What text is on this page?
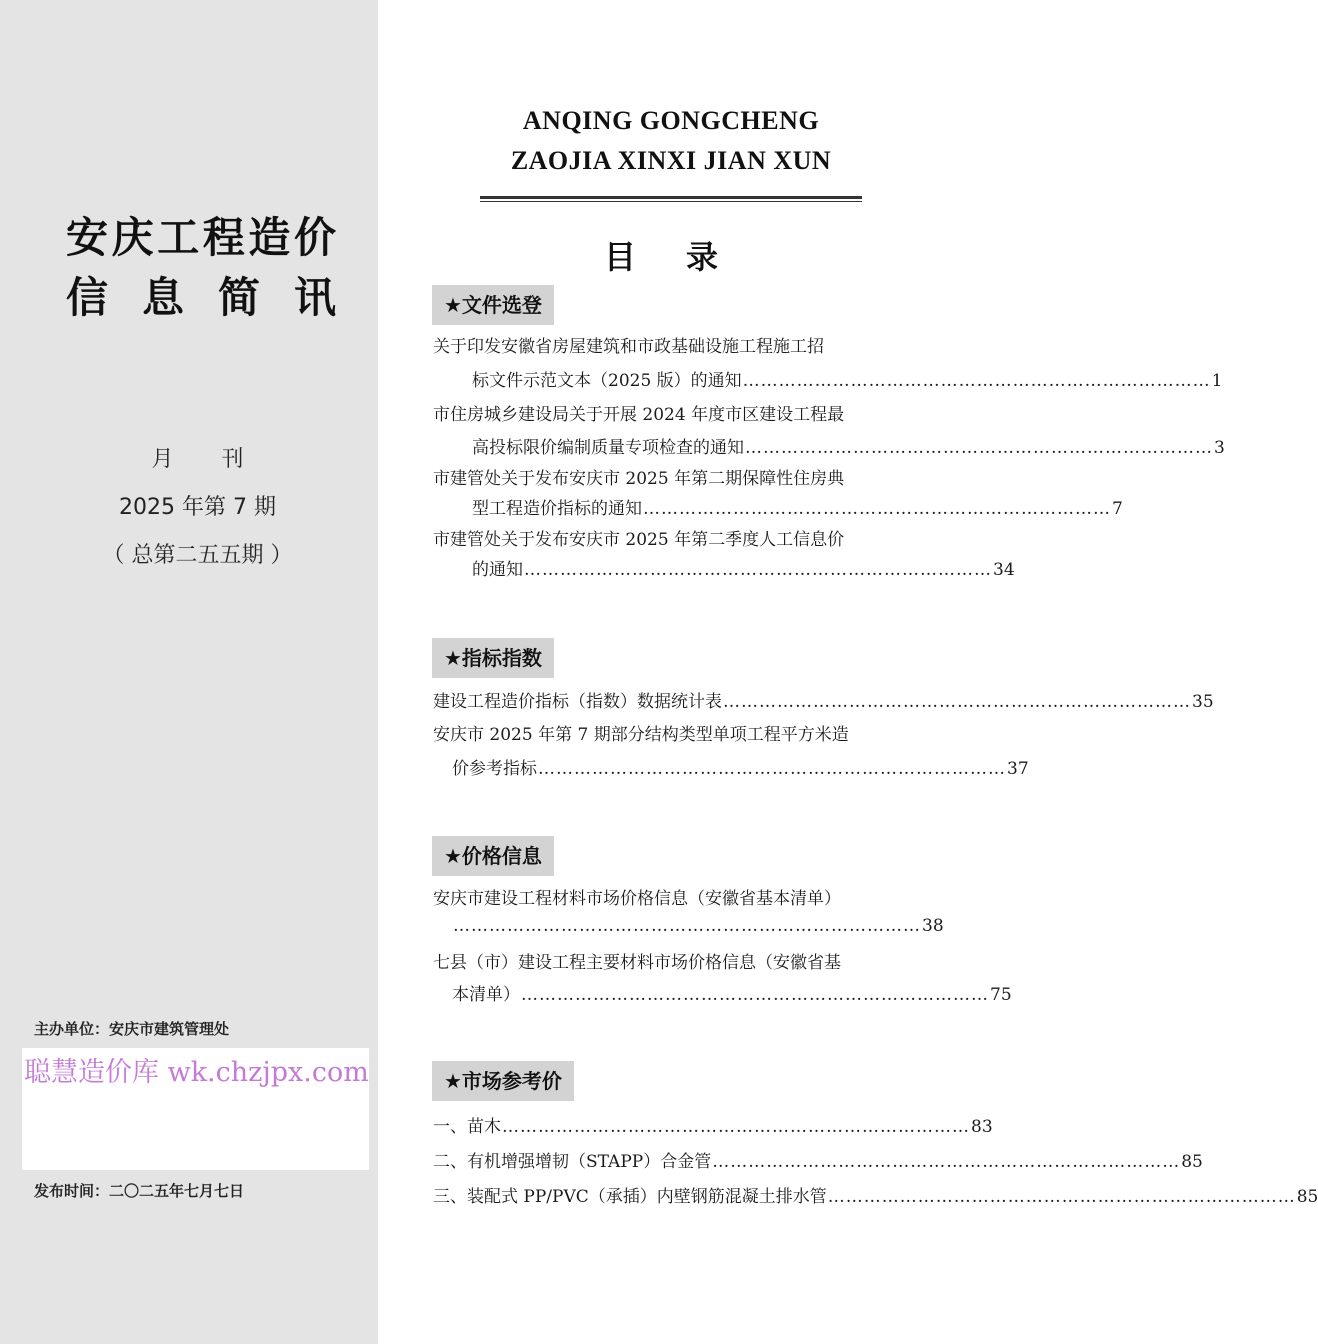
安 庆 工 程 造 价
信 息 简 讯
月 刊
2025 年第 7 期
（ 总第二五五期 ）
主办单位：安庆市建筑管理处
聪慧造价库 wk.chzjpx.com
发布时间：二〇二五年七月七日
ANQING GONGCHENG
ZAOJIA XINXI JIAN XUN
目 录
★文件选登
关于印发安徽省房屋建筑和市政基础设施工程施工招
标文件示范文本（2025 版）的通知 …………………………………………………………………… 1
市住房城乡建设局关于开展 2024 年度市区建设工程最
高投标限价编制质量专项检查的通知 …………………………………………………………………… 3
市建管处关于发布安庆市 2025 年第二期保障性住房典
型工程造价指标的通知 …………………………………………………………………… 7
市建管处关于发布安庆市 2025 年第二季度人工信息价
的通知 …………………………………………………………………… 34
★指标指数
建设工程造价指标（指数）数据统计表 …………………………………………………………………… 35
安庆市 2025 年第 7 期部分结构类型单项工程平方米造
价参考指标 …………………………………………………………………… 37
★价格信息
安庆市建设工程材料市场价格信息（安徽省基本清单）
…………………………………………………………………… 38
七县（市）建设工程主要材料市场价格信息（安徽省基
本清单） …………………………………………………………………… 75
★市场参考价
一、苗木 …………………………………………………………………… 83
二、有机增强增韧（STAPP）合金管 …………………………………………………………………… 85
三、装配式 PP/PVC（承插）内壁钢筋混凝土排水管 …………………………………………………………………… 85
